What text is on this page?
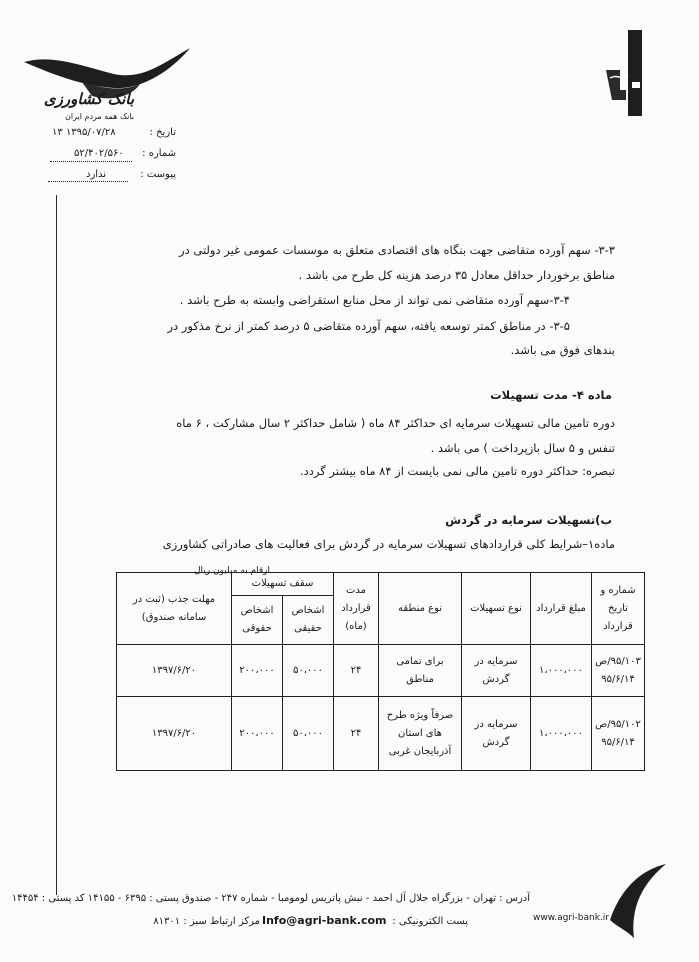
بانک کشاورزی
بانک همه مردم ایران
تاریخ :
۱۳۹۵/۰۷/۲۸ ۱۳
شماره :
۵۲/۴۰۲/۵۶۰
پیوست :
ندارد
۳-۳- سهم آورده متقاضی جهت بنگاه های اقتصادی متعلق به موسسات عمومی غیر دولتی در
مناطق برخوردار حداقل معادل ۳۵ درصد هزینه کل طرح می باشد .
۳-۴-سهم آورده متقاضی نمی تواند از محل منابع استقراضی وابسته به طرح باشد .
۳-۵- در مناطق کمتر توسعه یافته، سهم آورده متقاضی ۵ درصد کمتر از نرخ مذکور در
بندهای فوق می باشد.
ماده ۴- مدت تسهیلات
دوره تامین مالی تسهیلات سرمایه ای حداکثر ۸۴ ماه ( شامل حداکثر ۲ سال مشارکت ، ۶ ماه
تنفس و ۵ سال بازپرداخت ) می باشد .
تبصره: حداکثر دوره تامین مالی نمی بایست از ۸۴ ماه بیشتر گردد.
ب)تسهیلات سرمایه در گردش
ماده۱–شرایط کلی قراردادهای تسهیلات سرمایه در گردش برای فعالیت های صادراتی کشاورزی
ارقام به میلیون ریال
شماره و تاریخ قرارداد	مبلغ قرارداد	نوع تسهیلات	نوع منطقه	مدت قرارداد (ماه)	سقف تسهیلات		مهلت جذب (ثبت در سامانه صندوق)
					اشخاص حقیقی	اشخاص حقوقی	
۹۵/۱۰۳/ص ۹۵/۶/۱۴	۱،۰۰۰،۰۰۰	سرمایه در گردش	برای تمامی مناطق	۲۴	۵۰،۰۰۰	۲۰۰،۰۰۰	۱۳۹۷/۶/۲۰
۹۵/۱۰۲/ص ۹۵/۶/۱۴	۱،۰۰۰،۰۰۰	سرمایه در گردش	صرفاً ویژه طرح های استان آذربایجان غربی	۲۴	۵۰،۰۰۰	۲۰۰،۰۰۰	۱۳۹۷/۶/۲۰
آدرس : تهران - بزرگراه جلال آل احمد - نبش پاتریس لومومبا - شماره ۲۴۷ - صندوق پستی : ۶۳۹۵ - ۱۴۱۵۵ کد پستی : ۱۴۴۵۴
پست الکترونیکی :
Info@agri-bank.com
مرکز ارتباط سبز : ۸۱۳۰۱	www.agri-bank.ir
